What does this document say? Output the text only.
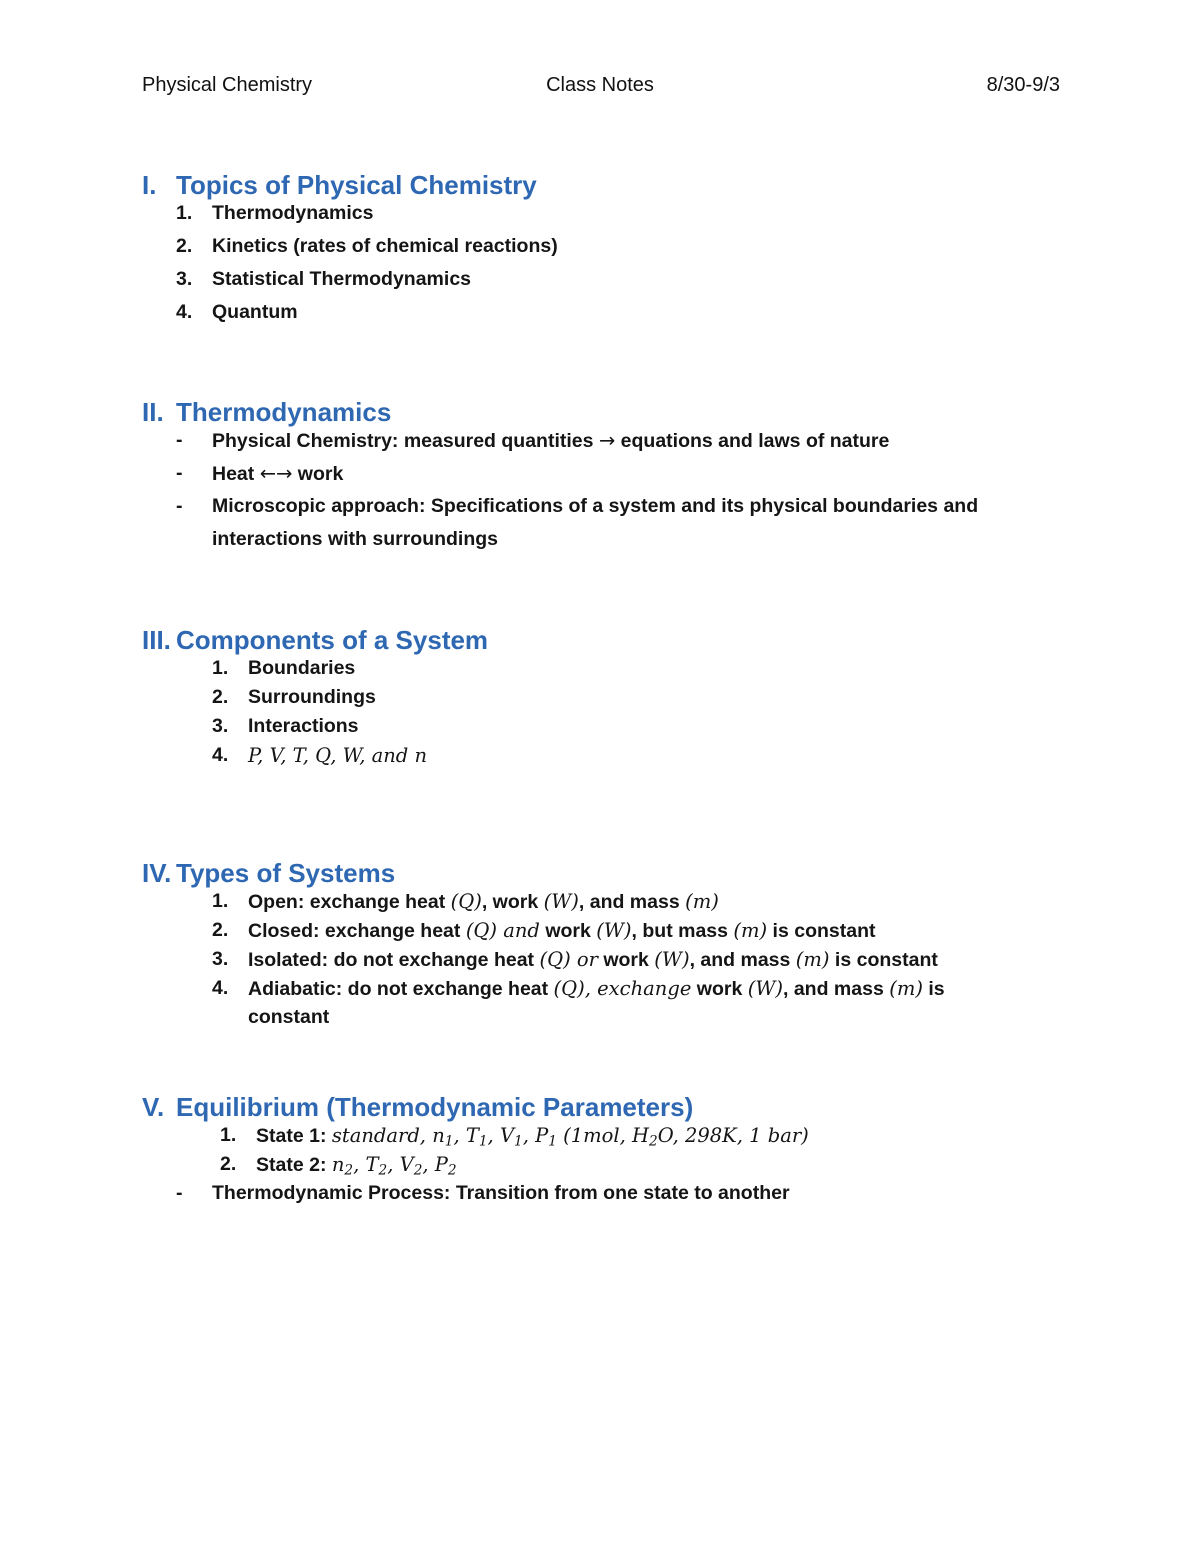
Physical Chemistry	Class Notes	8/30-9/3
I. Topics of Physical Chemistry
1. Thermodynamics
2. Kinetics (rates of chemical reactions)
3. Statistical Thermodynamics
4. Quantum
II. Thermodynamics
- Physical Chemistry: measured quantities → equations and laws of nature
- Heat ←→ work
- Microscopic approach: Specifications of a system and its physical boundaries and
interactions with surroundings
III. Components of a System
1. Boundaries
2. Surroundings
3. Interactions
4. P, V, T, Q, W, and n
IV. Types of Systems
1. Open: exchange heat (Q), work (W), and mass (m)
2. Closed: exchange heat (Q) and work (W), but mass (m) is constant
3. Isolated: do not exchange heat (Q) or work (W), and mass (m) is constant
4. Adiabatic: do not exchange heat (Q), exchange work (W), and mass (m) is
constant
V. Equilibrium (Thermodynamic Parameters)
1. State 1: standard, $n_1$, $T_1$, $V_1$, $P_1$ (1mol, $H_2O$, 298K, 1 bar)
2. State 2: $n_2$, $T_2$, $V_2$, $P_2$
- Thermodynamic Process: Transition from one state to another
